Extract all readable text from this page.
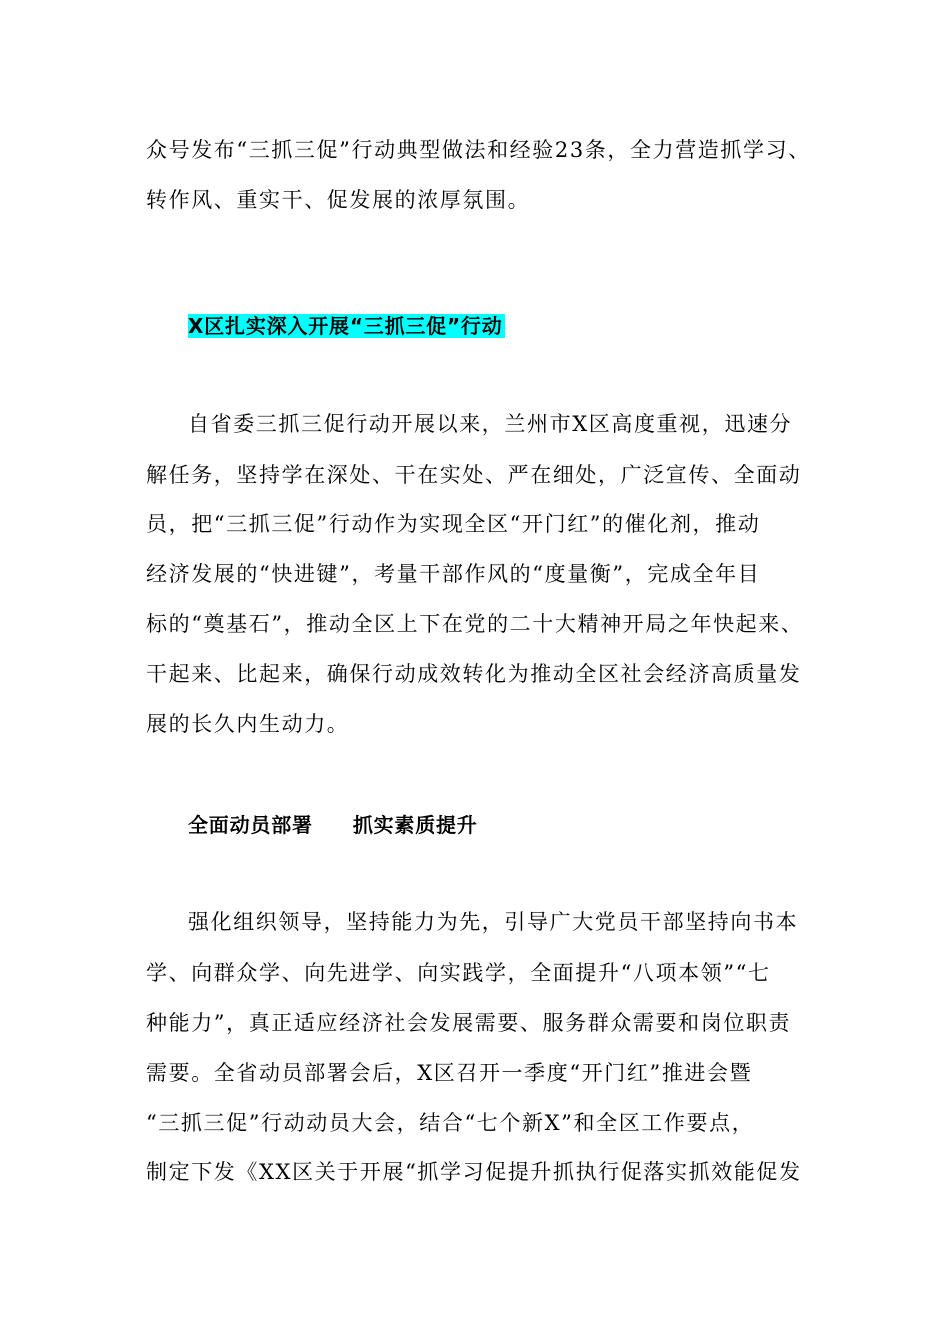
众号发布“三抓三促”行动典型做法和经验23条，全力营造抓学习、
转作风、重实干、促发展的浓厚氛围。
X区扎实深入开展“三抓三促”行动
自省委三抓三促行动开展以来，兰州市X区高度重视，迅速分
解任务，坚持学在深处、干在实处、严在细处，广泛宣传、全面动
员，把“三抓三促”行动作为实现全区“开门红”的催化剂，推动
经济发展的“快进键”，考量干部作风的“度量衡”，完成全年目
标的“奠基石”，推动全区上下在党的二十大精神开局之年快起来、
干起来、比起来，确保行动成效转化为推动全区社会经济高质量发
展的长久内生动力。
全面动员部署 抓实素质提升
强化组织领导，坚持能力为先，引导广大党员干部坚持向书本
学、向群众学、向先进学、向实践学，全面提升“八项本领”“七
种能力”，真正适应经济社会发展需要、服务群众需要和岗位职责
需要。全省动员部署会后，X区召开一季度“开门红”推进会暨
“三抓三促”行动动员大会，结合“七个新X”和全区工作要点，
制定下发《XX区关于开展“抓学习促提升抓执行促落实抓效能促发
